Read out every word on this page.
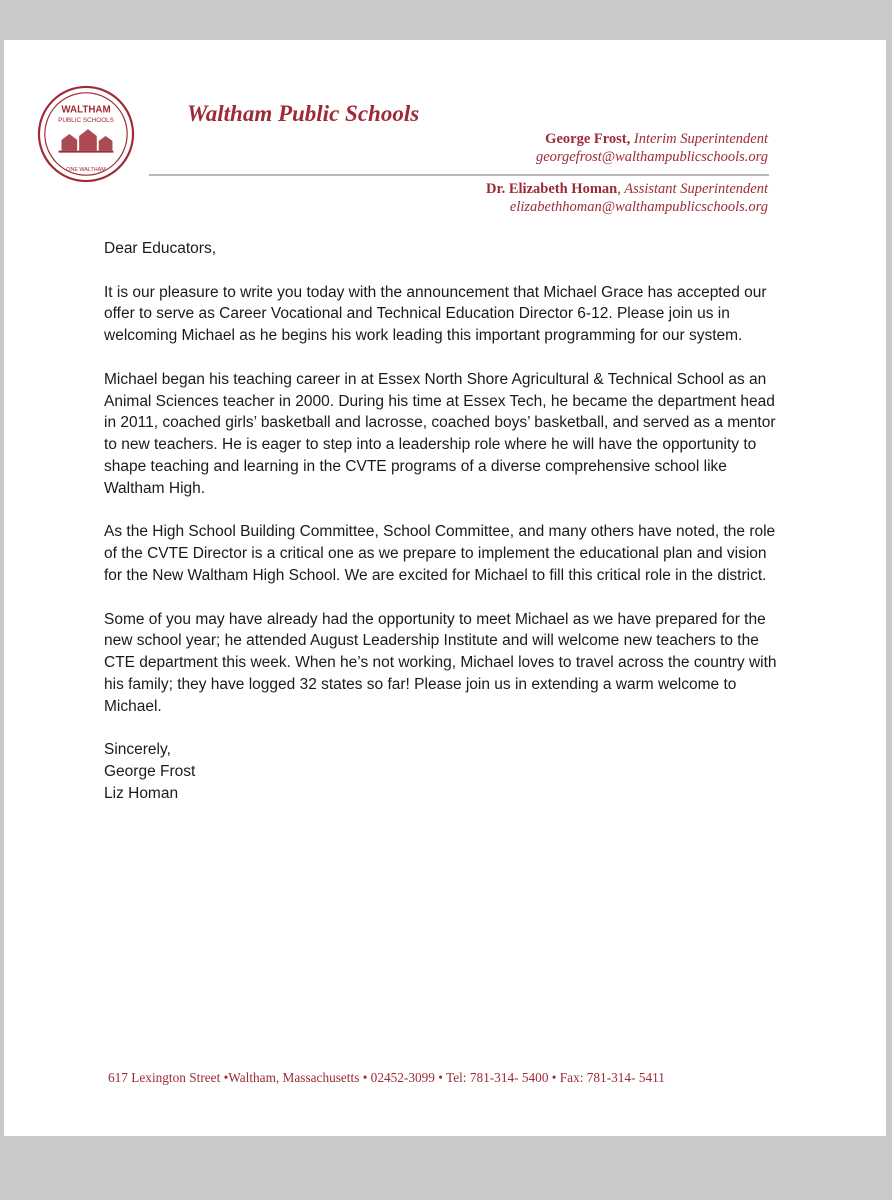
WALTHAM
PUBLIC SCHOOLS
ONE WALTHAM
Waltham Public Schools
George Frost, Interim Superintendent
georgefrost@walthampublicschools.org
Dr. Elizabeth Homan, Assistant Superintendent
elizabethhoman@walthampublicschools.org

Dear Educators,

It is our pleasure to write you today with the announcement that Michael Grace has accepted our offer to serve as Career Vocational and Technical Education Director 6-12. Please join us in welcoming Michael as he begins his work leading this important programming for our system.

Michael began his teaching career in at Essex North Shore Agricultural & Technical School as an Animal Sciences teacher in 2000. During his time at Essex Tech, he became the department head in 2011, coached girls’ basketball and lacrosse, coached boys’ basketball, and served as a mentor to new teachers. He is eager to step into a leadership role where he will have the opportunity to shape teaching and learning in the CVTE programs of a diverse comprehensive school like Waltham High.

As the High School Building Committee, School Committee, and many others have noted, the role of the CVTE Director is a critical one as we prepare to implement the educational plan and vision for the New Waltham High School. We are excited for Michael to fill this critical role in the district.

Some of you may have already had the opportunity to meet Michael as we have prepared for the new school year; he attended August Leadership Institute and will welcome new teachers to the CTE department this week. When he’s not working, Michael loves to travel across the country with his family; they have logged 32 states so far! Please join us in extending a warm welcome to Michael.

Sincerely,
George Frost
Liz Homan
617 Lexington Street •Waltham, Massachusetts • 02452-3099 • Tel: 781-314- 5400 • Fax: 781-314- 5411
